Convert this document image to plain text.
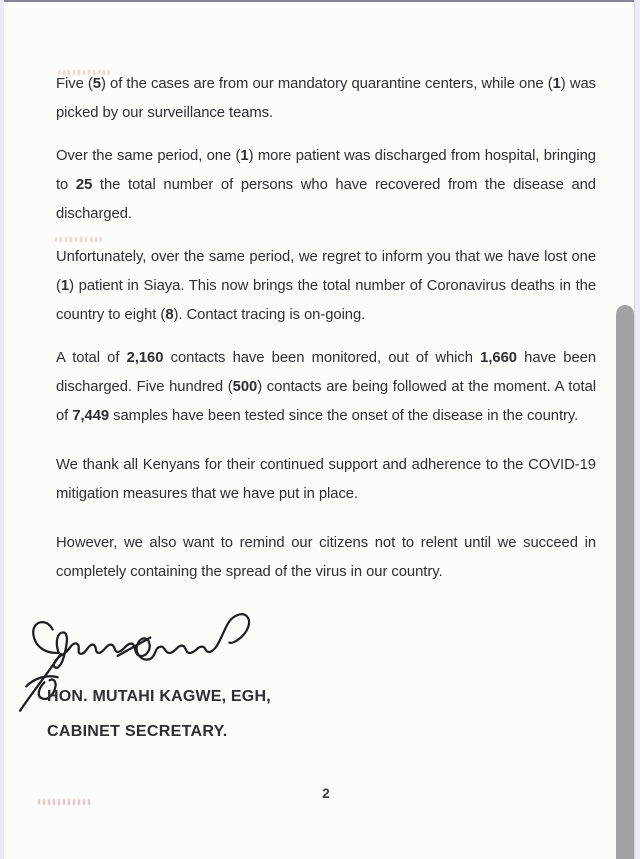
Five (5) of the cases are from our mandatory quarantine centers, while one (1) was picked by our surveillance teams.

Over the same period, one (1) more patient was discharged from hospital, bringing to 25 the total number of persons who have recovered from the disease and discharged.

Unfortunately, over the same period, we regret to inform you that we have lost one (1) patient in Siaya. This now brings the total number of Coronavirus deaths in the country to eight (8). Contact tracing is on-going.

A total of 2,160 contacts have been monitored, out of which 1,660 have been discharged. Five hundred (500) contacts are being followed at the moment. A total of 7,449 samples have been tested since the onset of the disease in the country.

We thank all Kenyans for their continued support and adherence to the COVID-19 mitigation measures that we have put in place.

However, we also want to remind our citizens not to relent until we succeed in completely containing the spread of the virus in our country.

HON. MUTAHI KAGWE, EGH,
CABINET SECRETARY.
2
